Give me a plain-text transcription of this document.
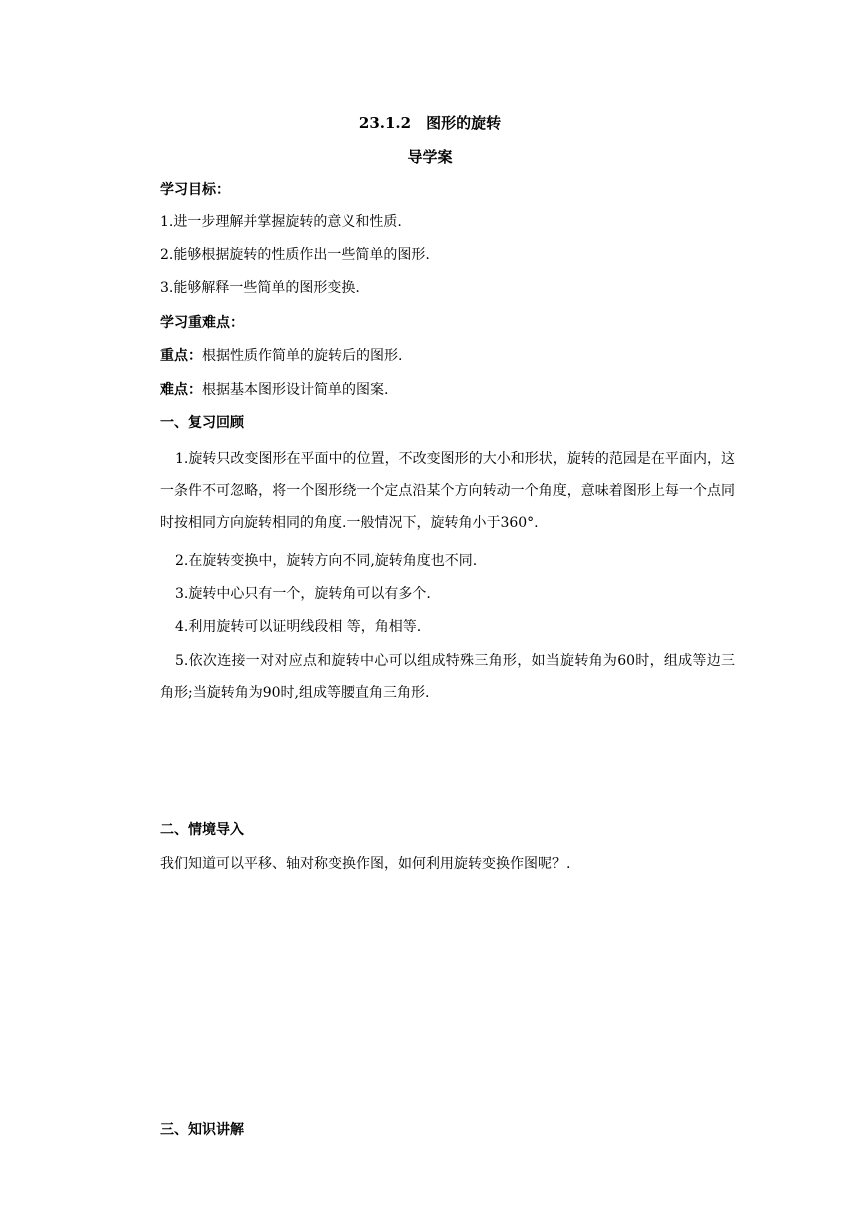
23.1.2　图形的旋转
导学案
学习目标：
1.进一步理解并掌握旋转的意义和性质.
2.能够根据旋转的性质作出一些简单的图形.
3.能够解释一些简单的图形变换.
学习重难点：
重点：根据性质作简单的旋转后的图形.
难点：根据基本图形设计简单的图案.
一、复习回顾
1.旋转只改变图形在平面中的位置，不改变图形的大小和形状，旋转的范园是在平面内，这一条件不可忽略，将一个图形绕一个定点沿某个方向转动一个角度，意味着图形上每一个点同时按相同方向旋转相同的角度.一般情况下，旋转角小于360°.
2.在旋转变换中，旋转方向不同,旋转角度也不同.
3.旋转中心只有一个，旋转角可以有多个.
4.利用旋转可以证明线段相 等，角相等.
5.依次连接一对对应点和旋转中心可以组成特殊三角形，如当旋转角为60时，组成等边三角形;当旋转角为90时,组成等腰直角三角形.
二、情境导入
我们知道可以平移、轴对称变换作图，如何利用旋转变换作图呢？.
三、知识讲解
